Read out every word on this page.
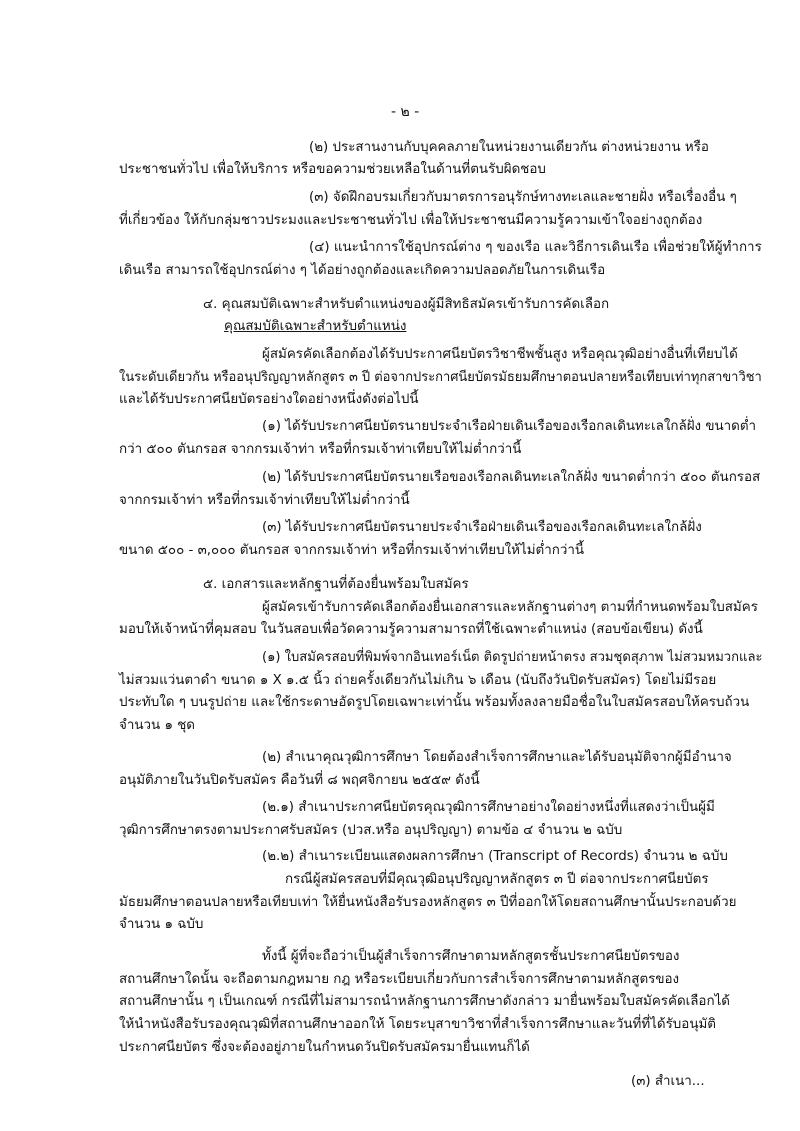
- ๒ -
(๒) ประสานงานกับบุคคลภายในหน่วยงานเดียวกัน ต่างหน่วยงาน หรือ
ประชาชนทั่วไป เพื่อให้บริการ หรือขอความช่วยเหลือในด้านที่ตนรับผิดชอบ
(๓) จัดฝึกอบรมเกี่ยวกับมาตรการอนุรักษ์ทางทะเลและชายฝั่ง หรือเรื่องอื่น ๆ
ที่เกี่ยวข้อง ให้กับกลุ่มชาวประมงและประชาชนทั่วไป เพื่อให้ประชาชนมีความรู้ความเข้าใจอย่างถูกต้อง
(๔) แนะนำการใช้อุปกรณ์ต่าง ๆ ของเรือ และวิธีการเดินเรือ เพื่อช่วยให้ผู้ทำการ
เดินเรือ สามารถใช้อุปกรณ์ต่าง ๆ ได้อย่างถูกต้องและเกิดความปลอดภัยในการเดินเรือ
๔. คุณสมบัติเฉพาะสำหรับตำแหน่งของผู้มีสิทธิสมัครเข้ารับการคัดเลือก
คุณสมบัติเฉพาะสำหรับตำแหน่ง
ผู้สมัครคัดเลือกต้องได้รับประกาศนียบัตรวิชาชีพชั้นสูง หรือคุณวุฒิอย่างอื่นที่เทียบได้
ในระดับเดียวกัน หรืออนุปริญญาหลักสูตร ๓ ปี ต่อจากประกาศนียบัตรมัธยมศึกษาตอนปลายหรือเทียบเท่าทุกสาขาวิชา
และได้รับประกาศนียบัตรอย่างใดอย่างหนึ่งดังต่อไปนี้
(๑) ได้รับประกาศนียบัตรนายประจำเรือฝ่ายเดินเรือของเรือกลเดินทะเลใกล้ฝั่ง ขนาดต่ำ
กว่า ๕๐๐ ตันกรอส จากกรมเจ้าท่า หรือที่กรมเจ้าท่าเทียบให้ไม่ต่ำกว่านี้
(๒) ได้รับประกาศนียบัตรนายเรือของเรือกลเดินทะเลใกล้ฝั่ง ขนาดต่ำกว่า ๕๐๐ ตันกรอส
จากกรมเจ้าท่า หรือที่กรมเจ้าท่าเทียบให้ไม่ต่ำกว่านี้
(๓) ได้รับประกาศนียบัตรนายประจำเรือฝ่ายเดินเรือของเรือกลเดินทะเลใกล้ฝั่ง
ขนาด ๕๐๐ - ๓,๐๐๐ ตันกรอส จากกรมเจ้าท่า หรือที่กรมเจ้าท่าเทียบให้ไม่ต่ำกว่านี้
๕. เอกสารและหลักฐานที่ต้องยื่นพร้อมใบสมัคร
ผู้สมัครเข้ารับการคัดเลือกต้องยื่นเอกสารและหลักฐานต่างๆ ตามที่กำหนดพร้อมใบสมัคร
มอบให้เจ้าหน้าที่คุมสอบ ในวันสอบเพื่อวัดความรู้ความสามารถที่ใช้เฉพาะตำแหน่ง (สอบข้อเขียน) ดังนี้
(๑) ใบสมัครสอบที่พิมพ์จากอินเทอร์เน็ต ติดรูปถ่ายหน้าตรง สวมชุดสุภาพ ไม่สวมหมวกและ
ไม่สวมแว่นตาดำ ขนาด ๑ X ๑.๕ นิ้ว ถ่ายครั้งเดียวกันไม่เกิน ๖ เดือน (นับถึงวันปิดรับสมัคร) โดยไม่มีรอย
ประทับใด ๆ บนรูปถ่าย และใช้กระดาษอัดรูปโดยเฉพาะเท่านั้น พร้อมทั้งลงลายมือชื่อในใบสมัครสอบให้ครบถ้วน
จำนวน ๑ ชุด
(๒) สำเนาคุณวุฒิการศึกษา โดยต้องสำเร็จการศึกษาและได้รับอนุมัติจากผู้มีอำนาจ
อนุมัติภายในวันปิดรับสมัคร คือวันที่ ๘ พฤศจิกายน ๒๕๕๙ ดังนี้
(๒.๑) สำเนาประกาศนียบัตรคุณวุฒิการศึกษาอย่างใดอย่างหนึ่งที่แสดงว่าเป็นผู้มี
วุฒิการศึกษาตรงตามประกาศรับสมัคร (ปวส.หรือ อนุปริญญา) ตามข้อ ๔ จำนวน ๒ ฉบับ
(๒.๒) สำเนาระเบียนแสดงผลการศึกษา (Transcript of Records) จำนวน ๒ ฉบับ
กรณีผู้สมัครสอบที่มีคุณวุฒิอนุปริญญาหลักสูตร ๓ ปี ต่อจากประกาศนียบัตร
มัธยมศึกษาตอนปลายหรือเทียบเท่า ให้ยื่นหนังสือรับรองหลักสูตร ๓ ปีที่ออกให้โดยสถานศึกษานั้นประกอบด้วย
จำนวน ๑ ฉบับ
ทั้งนี้ ผู้ที่จะถือว่าเป็นผู้สำเร็จการศึกษาตามหลักสูตรชั้นประกาศนียบัตรของ
สถานศึกษาใดนั้น จะถือตามกฎหมาย กฎ หรือระเบียบเกี่ยวกับการสำเร็จการศึกษาตามหลักสูตรของ
สถานศึกษานั้น ๆ เป็นเกณฑ์ กรณีที่ไม่สามารถนำหลักฐานการศึกษาดังกล่าว มายื่นพร้อมใบสมัครคัดเลือกได้
ให้นำหนังสือรับรองคุณวุฒิที่สถานศึกษาออกให้ โดยระบุสาขาวิชาที่สำเร็จการศึกษาและวันที่ที่ได้รับอนุมัติ
ประกาศนียบัตร ซึ่งจะต้องอยู่ภายในกำหนดวันปิดรับสมัครมายื่นแทนก็ได้
(๓) สำเนา...
